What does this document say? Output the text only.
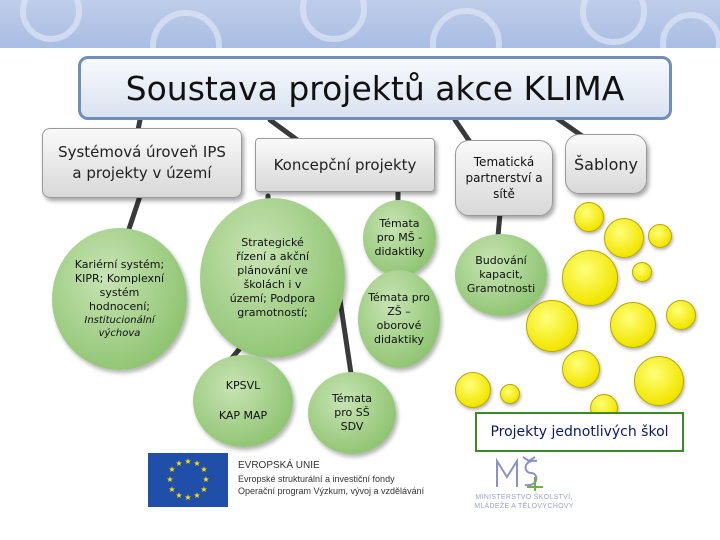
Soustava projektů akce KLIMA
Systémová úroveň IPS a projekty v území	Koncepční projekty	Tematická partnerství a sítě
Šablony
Kariérní systém; KIPR; Komplexní systém hodnocení;
Institucionální výchova
Strategické řízení a akční plánování ve školách i v území; Podpora gramotností;
Témata pro MŠ - didaktiky
Témata pro ZŠ – oborové didaktiky
KPSVL
KAP MAP
Témata pro SŠ SDV
Budování kapacit, Gramotnosti
Projekty jednotlivých škol
★ ★
★
★
★
★
★
★
★
★
★
★	EVROPSKÁ UNIE
Evropské strukturální a investiční fondy
Operační program Výzkum, vývoj a vzdělávání
MINISTERSTVO ŠKOLSTVÍ,
MLÁDEŽE A TĚLOVÝCHOVY
